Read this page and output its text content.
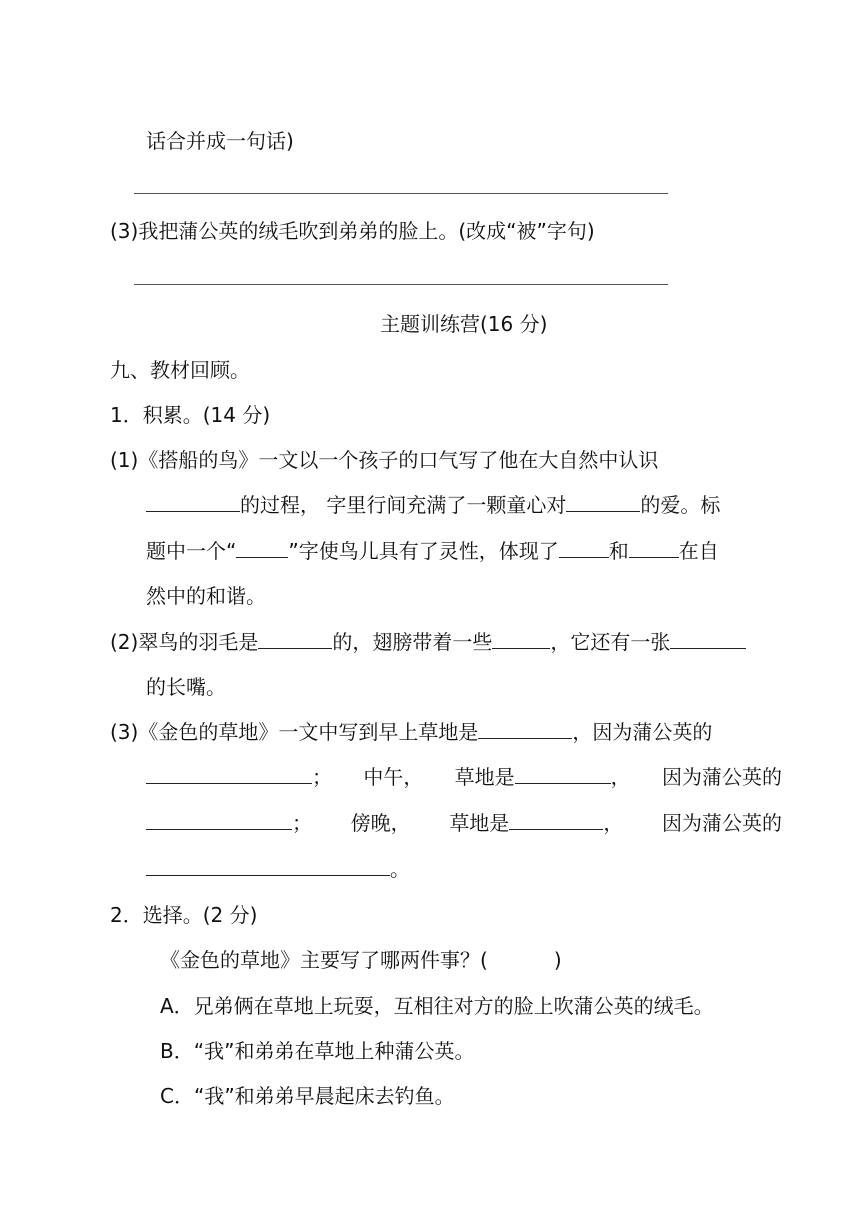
话合并成一句话)
(3)我把蒲公英的绒毛吹到弟弟的脸上。(改成“被”字句)
主题训练营(16 分)
九、教材回顾。
1．积累。(14 分)
(1)《搭船的鸟》一文以一个孩子的口气写了他在大自然中认识
的过程， 字里行间充满了一颗童心对	的爱。标
题中一个“	”字使鸟儿具有了灵性，体现了	和	在自
然中的和谐。
(2)翠鸟的羽毛是	的，翅膀带着一些	，它还有一张
的长嘴。
(3)《金色的草地》一文中写到早上草地是	，因为蒲公英的
； 中午， 草地是	， 因为蒲公英的
； 傍晚， 草地是	， 因为蒲公英的
。
2．选择。(2 分)
《金色的草地》主要写了哪两件事？(	)
A．兄弟俩在草地上玩耍，互相往对方的脸上吹蒲公英的绒毛。
B．“我”和弟弟在草地上种蒲公英。
C．“我”和弟弟早晨起床去钓鱼。
